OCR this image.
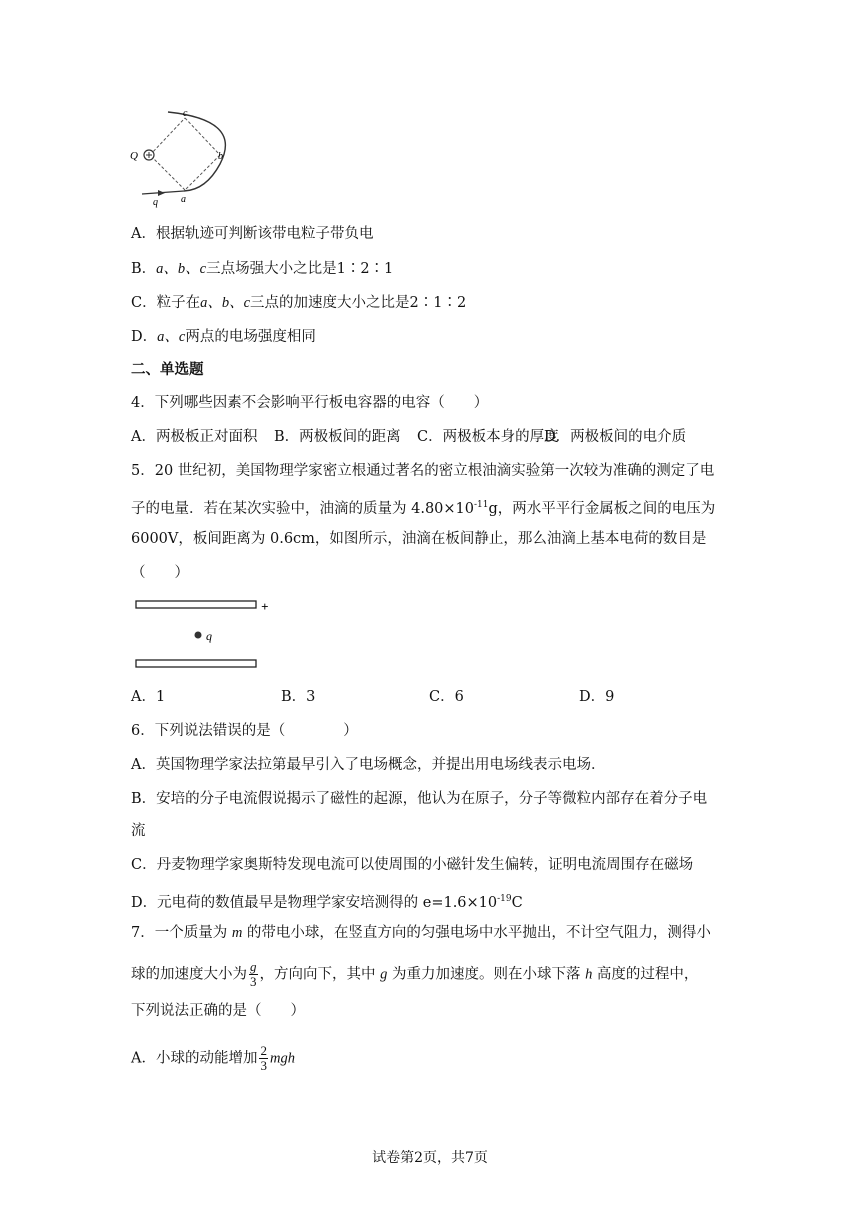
Q
c
b
a
q
A．根据轨迹可判断该带电粒子带负电
B．a、b、c三点场强大小之比是1∶2∶1
C．粒子在a、b、c三点的加速度大小之比是2∶1∶2
D．a、c两点的电场强度相同
二、单选题
4．下列哪些因素不会影响平行板电容器的电容（　　）
A．两极板正对面积 B．两极板间的距离 C．两极板本身的厚度D．两极板间的电介质
5．20 世纪初，美国物理学家密立根通过著名的密立根油滴实验第一次较为准确的测定了电
子的电量．若在某次实验中，油滴的质量为 $4.80\times 10^{-11}g$，两水平平行金属板之间的电压为
6000V，板间距离为 0.6cm，如图所示，油滴在板间静止，那么油滴上基本电荷的数目是
（　　）
+
q
A．1	B．3	C．6	D．9
6．下列说法错误的是（　　　　）
A．英国物理学家法拉第最早引入了电场概念，并提出用电场线表示电场．
B．安培的分子电流假说揭示了磁性的起源，他认为在原子，分子等微粒内部存在着分子电
流
C．丹麦物理学家奥斯特发现电流可以使周围的小磁针发生偏转，证明电流周围存在磁场
D．元电荷的数值最早是物理学家安培测得的 $e=1.6\times 10^{-19}C$
7．一个质量为 m 的带电小球，在竖直方向的匀强电场中水平抛出，不计空气阻力，测得小
球的加速度大小为 $\frac{g}{3}$ ，方向向下，其中 g 为重力加速度。则在小球下落 h 高度的过程中，
下列说法正确的是（　　）
A．小球的动能增加 $\frac{2}{3}$ mgh
试卷第2页，共7页
